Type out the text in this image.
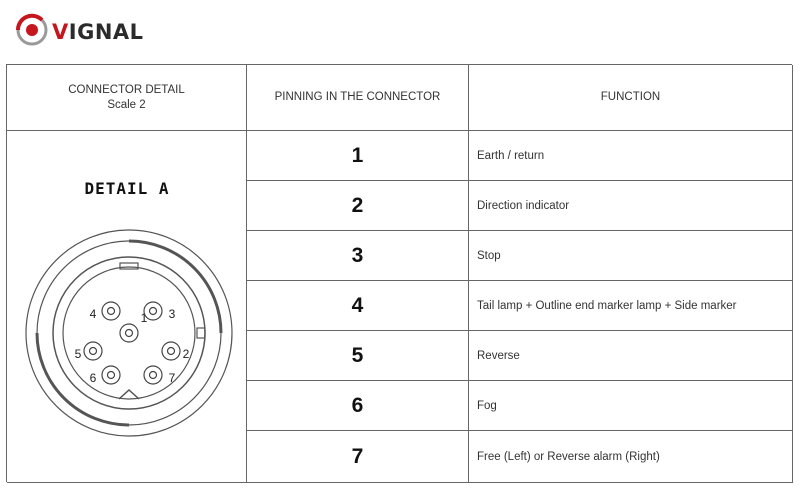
VIGNAL
CONNECTOR DETAIL
Scale 2
PINNING IN THE CONNECTOR	FUNCTION
DETAIL A
1
2
3
4
5
6	7
1	Earth / return
2	Direction indicator
3	Stop
4	Tail lamp + Outline end marker lamp + Side marker
5	Reverse
6	Fog
7	Free (Left) or Reverse alarm (Right)
